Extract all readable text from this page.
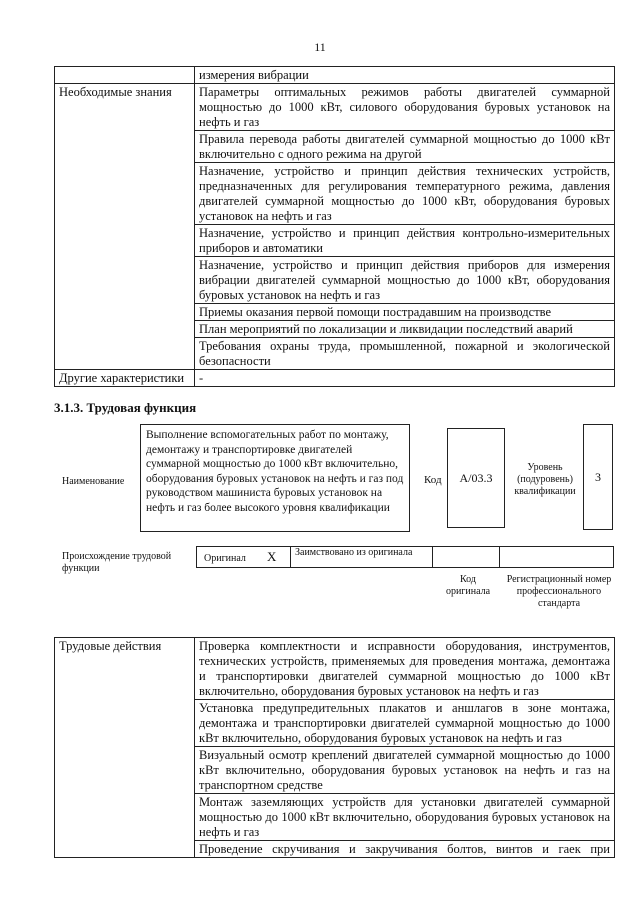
11
	измерения вибрации
Необходимые знания	Параметры оптимальных режимов работы двигателей суммарной мощностью до 1000 кВт, силового оборудования буровых установок на нефть и газ
	Правила перевода работы двигателей суммарной мощностью до 1000 кВт включительно с одного режима на другой
	Назначение, устройство и принцип действия технических устройств, предназначенных для регулирования температурного режима, давления двигателей суммарной мощностью до 1000 кВт, оборудования буровых установок на нефть и газ
	Назначение, устройство и принцип действия контрольно-измерительных приборов и автоматики
	Назначение, устройство и принцип действия приборов для измерения вибрации двигателей суммарной мощностью до 1000 кВт, оборудования буровых установок на нефть и газ
	Приемы оказания первой помощи пострадавшим на производстве
	План мероприятий по локализации и ликвидации последствий аварий
	Требования охраны труда, промышленной, пожарной и экологической безопасности
Другие характеристики	-
3.1.3. Трудовая функция
Наименование
Выполнение вспомогательных работ по монтажу, демонтажу и транспортировке двигателей суммарной мощностью до 1000 кВт включительно, оборудования буровых установок на нефть и газ под руководством машиниста буровых установок на нефть и газ более высокого уровня квалификации
Код	А/03.3
Уровень (подуровень) квалификации
3
Происхождение трудовой функции
Оригинал X Заимствовано из оригинала
Код оригинала
Регистрационный номер профессионального стандарта
Трудовые действия	Проверка комплектности и исправности оборудования, инструментов, технических устройств, применяемых для проведения монтажа, демонтажа и транспортировки двигателей суммарной мощностью до 1000 кВт включительно, оборудования буровых установок на нефть и газ
Установка предупредительных плакатов и аншлагов в зоне монтажа, демонтажа и транспортировки двигателей суммарной мощностью до 1000 кВт включительно, оборудования буровых установок на нефть и газ
Визуальный осмотр креплений двигателей суммарной мощностью до 1000 кВт включительно, оборудования буровых установок на нефть и газ на транспортном средстве
Монтаж заземляющих устройств для установки двигателей суммарной мощностью до 1000 кВт включительно, оборудования буровых установок на нефть и газ
Проведение скручивания и закручивания болтов, винтов и гаек при
